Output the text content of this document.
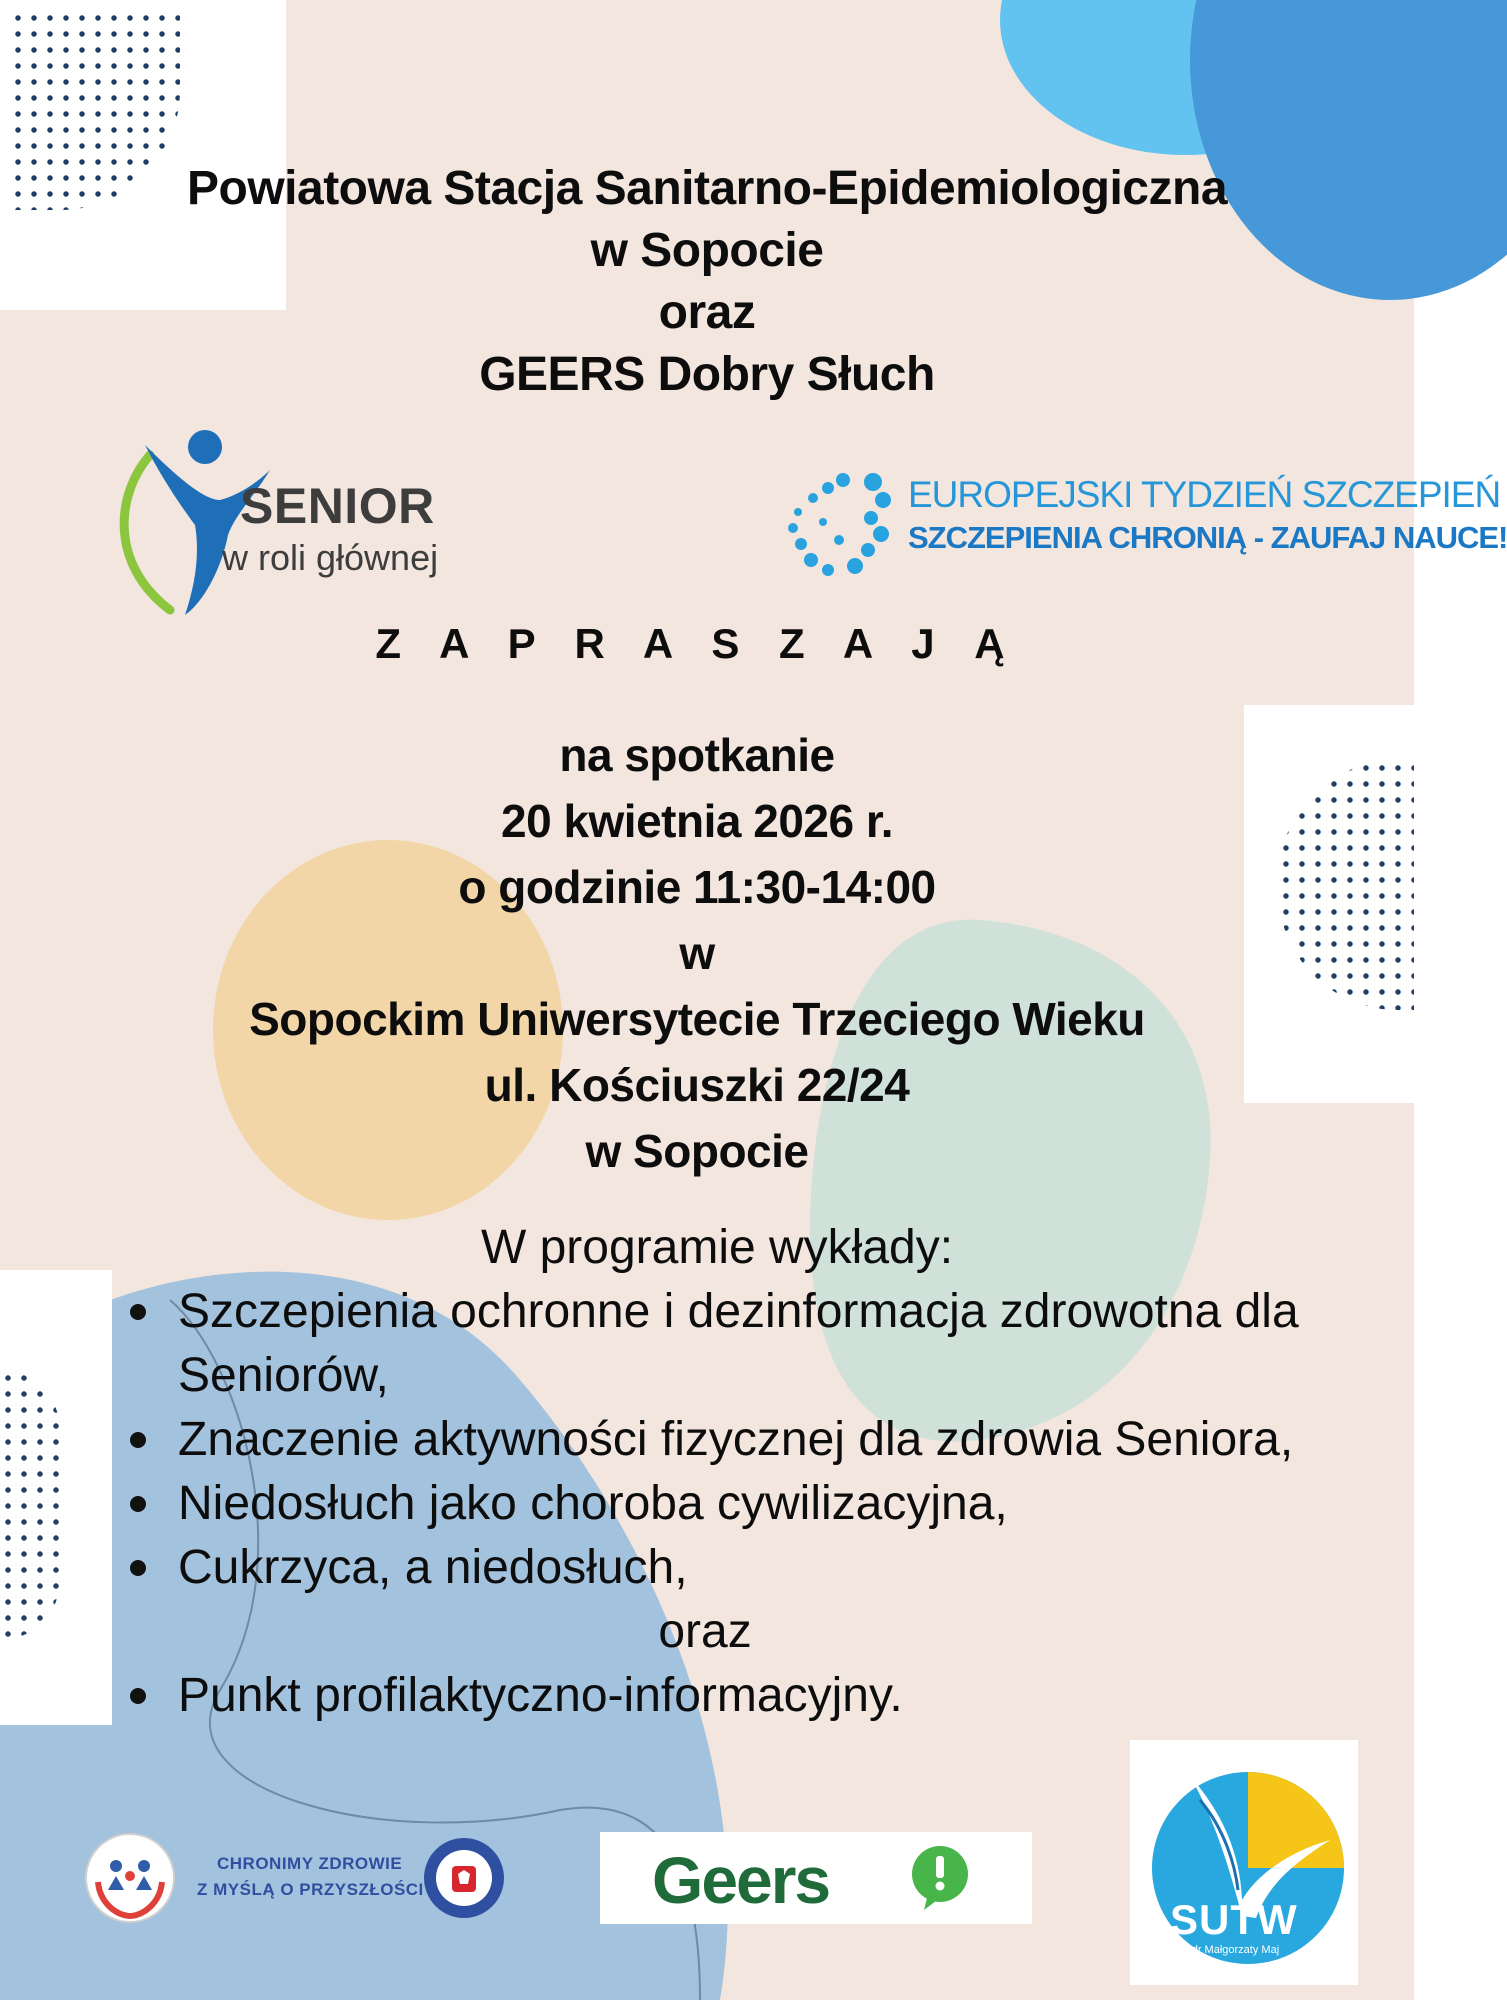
Powiatowa Stacja Sanitarno-Epidemiologiczna
w Sopocie
oraz
GEERS Dobry Słuch
SENIOR
w roli głównej
EUROPEJSKI TYDZIEŃ SZCZEPIEŃ
SZCZEPIENIA CHRONIĄ - ZAUFAJ NAUCE!
Z A P R A S Z A J Ą
na spotkanie
20 kwietnia 2026 r.
o godzinie 11:30-14:00
w
Sopockim Uniwersytecie Trzeciego Wieku
ul. Kościuszki 22/24
w Sopocie
W programie wykłady:
Szczepienia ochronne i dezinformacja zdrowotna dla Seniorów,
Znaczenie aktywności fizycznej dla zdrowia Seniora,
Niedosłuch jako choroba cywilizacyjna,
Cukrzyca, a niedosłuch,
oraz
Punkt profilaktyczno-informacyjny.
CHRONIMY ZDROWIE
Z MYŚLĄ O PRZYSZŁOŚCI	Geers
SUTW
im. dr Małgorzaty Maj
